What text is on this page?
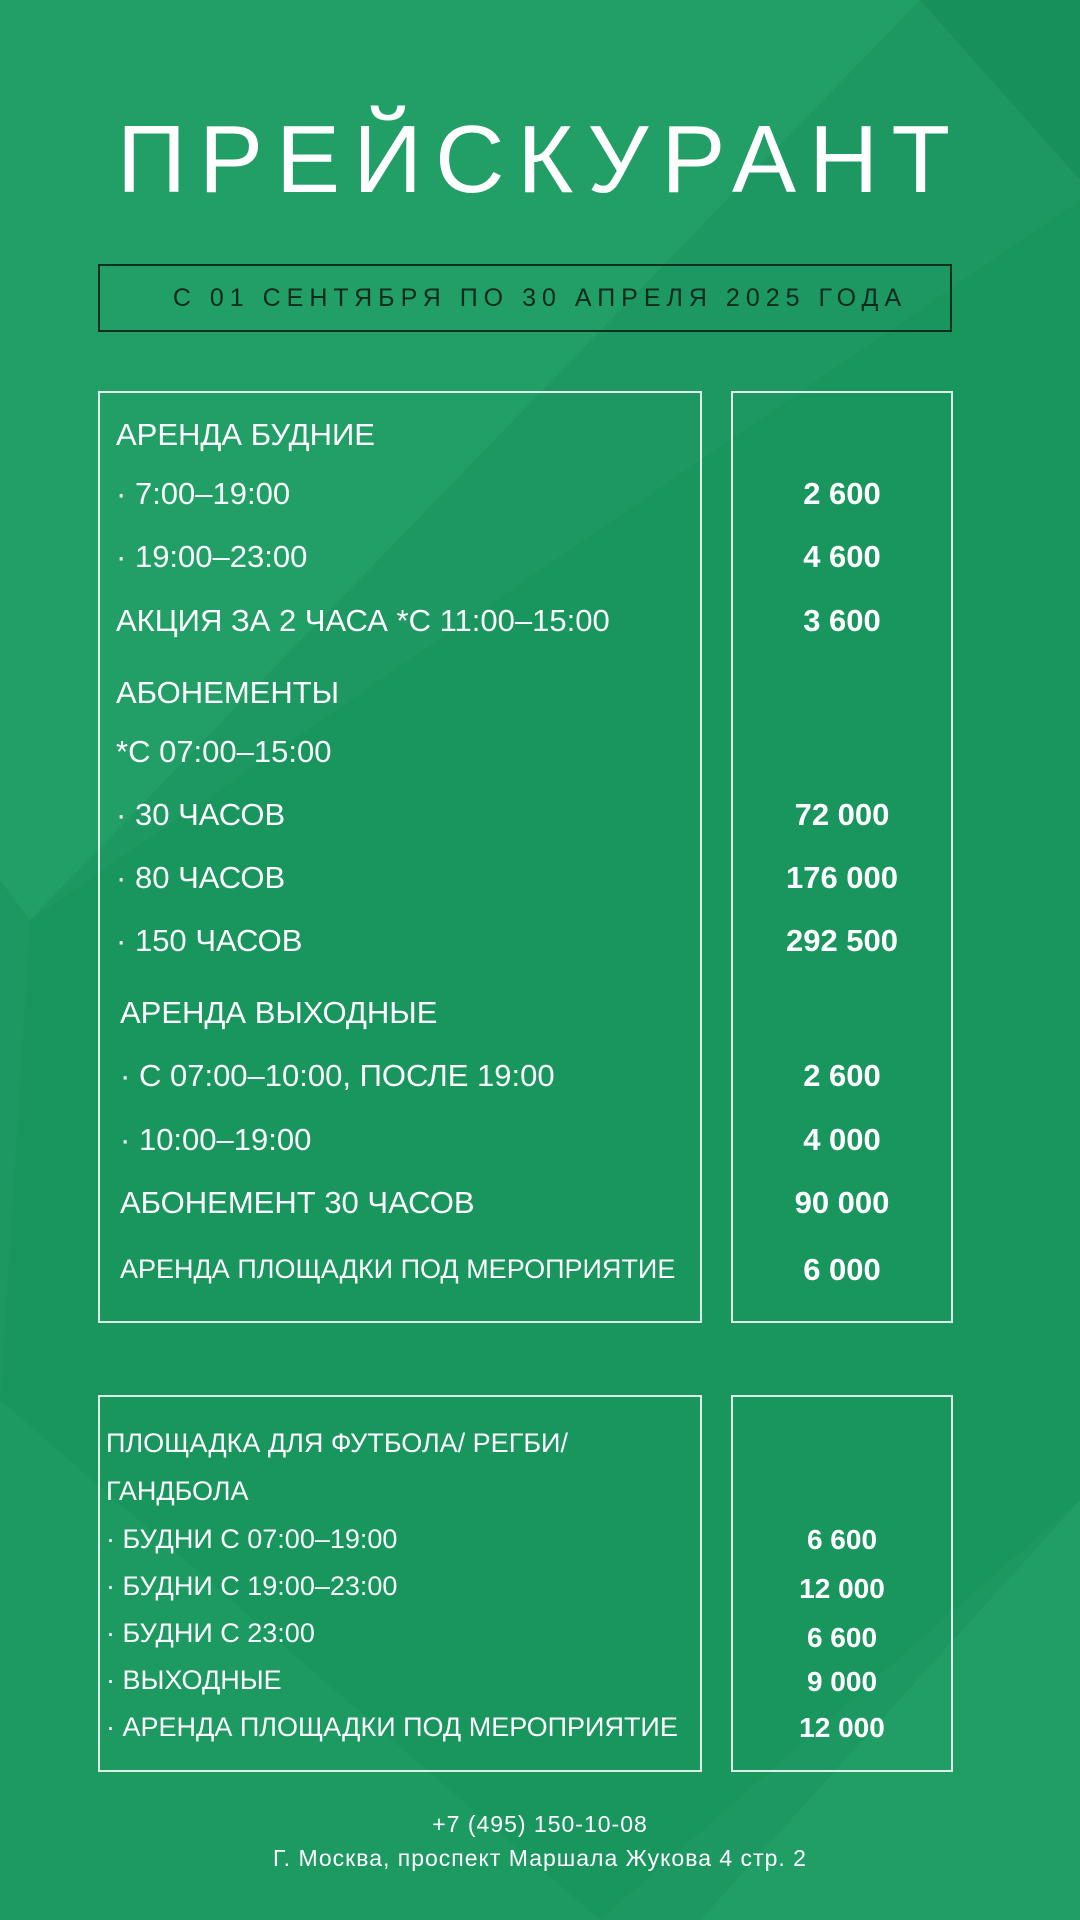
ПРЕЙСКУРАНТ
С 01 СЕНТЯБРЯ ПО 30 АПРЕЛЯ 2025 ГОДА
АРЕНДА БУДНИЕ
· 7:00–19:00	2 600
· 19:00–23:00	4 600
АКЦИЯ ЗА 2 ЧАСА *С 11:00–15:00	3 600
АБОНЕМЕНТЫ
*С 07:00–15:00
· 30 ЧАСОВ	72 000
· 80 ЧАСОВ	176 000
· 150 ЧАСОВ	292 500
АРЕНДА ВЫХОДНЫЕ
· С 07:00–10:00, ПОСЛЕ 19:00	2 600
· 10:00–19:00	4 000
АБОНЕМЕНТ 30 ЧАСОВ	90 000
АРЕНДА ПЛОЩАДКИ ПОД МЕРОПРИЯТИЕ	6 000
ПЛОЩАДКА ДЛЯ ФУТБОЛА/ РЕГБИ/
ГАНДБОЛА
· БУДНИ С 07:00–19:00	6 600
· БУДНИ С 19:00–23:00	12 000
· БУДНИ С 23:00	6 600
· ВЫХОДНЫЕ	9 000
· АРЕНДА ПЛОЩАДКИ ПОД МЕРОПРИЯТИЕ	12 000
+7 (495) 150-10-08
Г. Москва, проспект Маршала Жукова 4 стр. 2
